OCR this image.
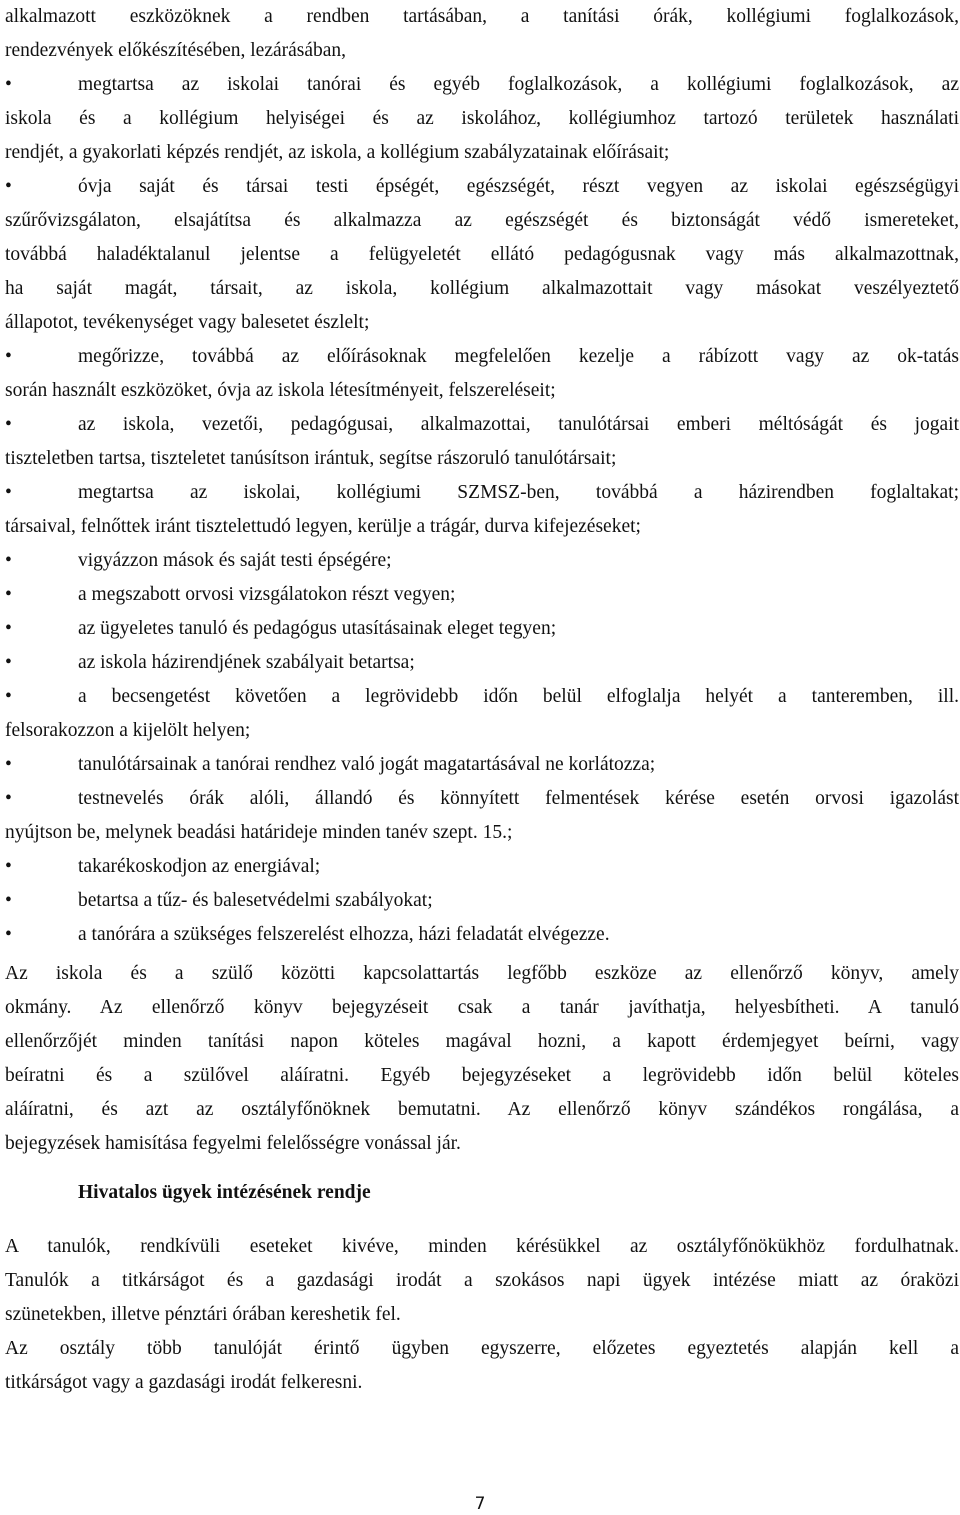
alkalmazott eszközöknek a rendben tartásában, a tanítási órák, kollégiumi foglalkozások,
rendezvények előkészítésében, lezárásában,
•	megtartsa az iskolai tanórai és egyéb foglalkozások, a kollégiumi foglalkozások, az
iskola és a kollégium helyiségei és az iskolához, kollégiumhoz tartozó területek használati
rendjét, a gyakorlati képzés rendjét, az iskola, a kollégium szabályzatainak előírásait;
•	óvja saját és társai testi épségét, egészségét, részt vegyen az iskolai egészségügyi
szűrővizsgálaton, elsajátítsa és alkalmazza az egészségét és biztonságát védő ismereteket,
továbbá haladéktalanul jelentse a felügyeletét ellátó pedagógusnak vagy más alkalmazottnak,
ha saját magát, társait, az iskola, kollégium alkalmazottait vagy másokat veszélyeztető
állapotot, tevékenységet vagy balesetet észlelt;
•	megőrizze, továbbá az előírásoknak megfelelően kezelje a rábízott vagy az ok-tatás
során használt eszközöket, óvja az iskola létesítményeit, felszereléseit;
•	az iskola, vezetői, pedagógusai, alkalmazottai, tanulótársai emberi méltóságát és jogait
tiszteletben tartsa, tiszteletet tanúsítson irántuk, segítse rászoruló tanulótársait;
•	megtartsa az iskolai, kollégiumi SZMSZ-ben, továbbá a házirendben foglaltakat;
társaival, felnőttek iránt tisztelettudó legyen, kerülje a trágár, durva kifejezéseket;
•	vigyázzon mások és saját testi épségére;
•	a megszabott orvosi vizsgálatokon részt vegyen;
•	az ügyeletes tanuló és pedagógus utasításainak eleget tegyen;
•	az iskola házirendjének szabályait betartsa;
•	a becsengetést követően a legrövidebb időn belül elfoglalja helyét a tanteremben, ill.
felsorakozzon a kijelölt helyen;
•	tanulótársainak a tanórai rendhez való jogát magatartásával ne korlátozza;
•	testnevelés órák alóli, állandó és könnyített felmentések kérése esetén orvosi igazolást
nyújtson be, melynek beadási határideje minden tanév szept. 15.;
•	takarékoskodjon az energiával;
•	betartsa a tűz- és balesetvédelmi szabályokat;
•	a tanórára a szükséges felszerelést elhozza, házi feladatát elvégezze.
Az iskola és a szülő közötti kapcsolattartás legfőbb eszköze az ellenőrző könyv, amely
okmány. Az ellenőrző könyv bejegyzéseit csak a tanár javíthatja, helyesbítheti. A tanuló
ellenőrzőjét minden tanítási napon köteles magával hozni, a kapott érdemjegyet beírni, vagy
beíratni és a szülővel aláíratni. Egyéb bejegyzéseket a legrövidebb időn belül köteles
aláíratni, és azt az osztályfőnöknek bemutatni. Az ellenőrző könyv szándékos rongálása, a
bejegyzések hamisítása fegyelmi felelősségre vonással jár.
Hivatalos ügyek intézésének rendje
A tanulók, rendkívüli eseteket kivéve, minden kérésükkel az osztályfőnökükhöz fordulhatnak.
Tanulók a titkárságot és a gazdasági irodát a szokásos napi ügyek intézése miatt az óraközi
szünetekben, illetve pénztári órában kereshetik fel.
Az osztály több tanulóját érintő ügyben egyszerre, előzetes egyeztetés alapján kell a
titkárságot vagy a gazdasági irodát felkeresni.
7
